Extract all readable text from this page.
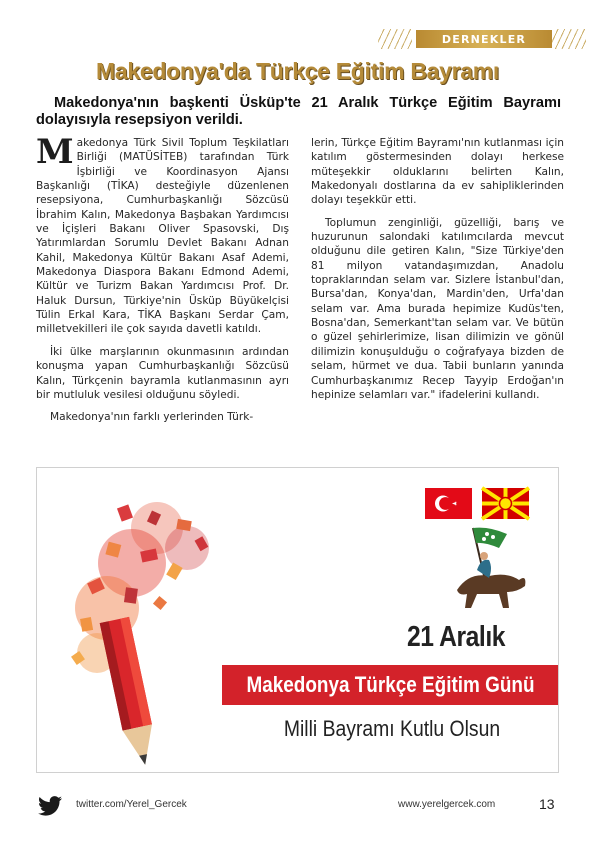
DERNEKLER
Makedonya'da Türkçe Eğitim Bayramı

Makedonya'nın başkenti Üsküp'te 21 Aralık Türkçe Eğitim Bayramı dolayısıyla resepsiyon verildi.

Makedonya Türk Sivil Toplum Teşkilatları Birliği (MATÜSİTEB) tarafından Türk İşbirliği ve Koordinasyon Ajansı Başkanlığı (TİKA) desteğiyle düzenlenen resepsiyona, Cumhurbaşkanlığı Sözcüsü İbrahim Kalın, Makedonya Başbakan Yardımcısı ve İçişleri Bakanı Oliver Spasovski, Dış Yatırımlardan Sorumlu Devlet Bakanı Adnan Kahil, Makedonya Kültür Bakanı Asaf Ademi, Makedonya Diaspora Bakanı Edmond Ademi, Kültür ve Turizm Bakan Yardımcısı Prof. Dr. Haluk Dursun, Türkiye'nin Üsküp Büyükelçisi Tülin Erkal Kara, TİKA Başkanı Serdar Çam, milletvekilleri ile çok sayıda davetli katıldı.

İki ülke marşlarının okunmasının ardından konuşma yapan Cumhurbaşkanlığı Sözcüsü Kalın, Türkçenin bayramla kutlanmasının ayrı bir mutluluk vesilesi olduğunu söyledi.

Makedonya'nın farklı yerlerinden Türk-

lerin, Türkçe Eğitim Bayramı'nın kutlanması için katılım göstermesinden dolayı herkese müteşekkir olduklarını belirten Kalın, Makedonyalı dostlarına da ev sahipliklerinden dolayı teşekkür etti.

Toplumun zenginliği, güzelliği, barış ve huzurunun salondaki katılımcılarda mevcut olduğunu dile getiren Kalın, "Size Türkiye'den 81 milyon vatandaşımızdan, Anadolu topraklarından selam var. Sizlere İstanbul'dan, Bursa'dan, Konya'dan, Mardin'den, Urfa'dan selam var. Ama burada hepimize Kudüs'ten, Bosna'dan, Semerkant'tan selam var. Ve bütün o güzel şehirlerimize, lisan dilimizin ve gönül dilimizin konuşulduğu o coğrafyaya bizden de selam, hürmet ve dua. Tabii bunların yanında Cumhurbaşkanımız Recep Tayyip Erdoğan'ın hepinize selamları var." ifadelerini kullandı.

21 Aralık

Makedonya Türkçe Eğitim Günü

Milli Bayramı Kutlu Olsun

twitter.com/Yerel_Gercek	www.yerelgercek.com	13
